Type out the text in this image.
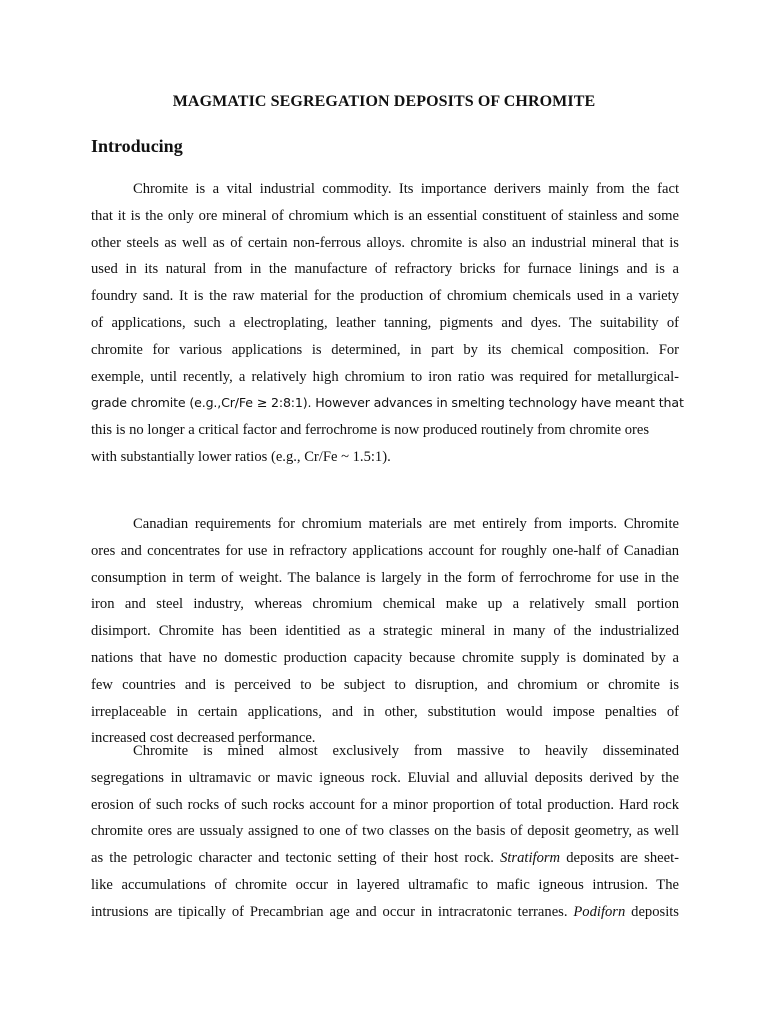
MAGMATIC SEGREGATION DEPOSITS OF CHROMITE
Introducing
Chromite is a vital industrial commodity. Its importance derivers mainly from the fact
that it is the only ore mineral of chromium which is an essential constituent of stainless and some
other steels as well as of certain non-ferrous alloys. chromite is also an industrial mineral that is
used in its natural from in the manufacture of refractory bricks for furnace linings and is a
foundry sand. It is the raw material for the production of chromium chemicals used in a variety
of applications, such a electroplating, leather tanning, pigments and dyes. The suitability of
chromite for various applications is determined, in part by its chemical composition. For
exemple, until recently, a relatively high chromium to iron ratio was required for metallurgical-
grade chromite (e.g.,Cr/Fe ≥ 2:8:1). However advances in smelting technology have meant that
this is no longer a critical factor and ferrochrome is now produced routinely from chromite ores
with substantially lower ratios (e.g., Cr/Fe ~ 1.5:1).
Canadian requirements for chromium materials are met entirely from imports. Chromite
ores and concentrates for use in refractory applications account for roughly one-half of Canadian
consumption in term of weight. The balance is largely in the form of ferrochrome for use in the
iron and steel industry, whereas chromium chemical make up a relatively small portion
disimport. Chromite has been identitied as a strategic mineral in many of the industrialized
nations that have no domestic production capacity because chromite supply is dominated by a
few countries and is perceived to be subject to disruption, and chromium or chromite is
irreplaceable in certain applications, and in other, substitution would impose penalties of
increased cost decreased performance.
Chromite is mined almost exclusively from massive to heavily disseminated
segregations in ultramavic or mavic igneous rock. Eluvial and alluvial deposits derived by the
erosion of such rocks of such rocks account for a minor proportion of total production. Hard rock
chromite ores are ussualy assigned to one of two classes on the basis of deposit geometry, as well
as the petrologic character and tectonic setting of their host rock. Stratiform deposits are sheet-
like accumulations of chromite occur in layered ultramafic to mafic igneous intrusion. The
intrusions are tipically of Precambrian age and occur in intracratonic terranes. Podiforn deposits
